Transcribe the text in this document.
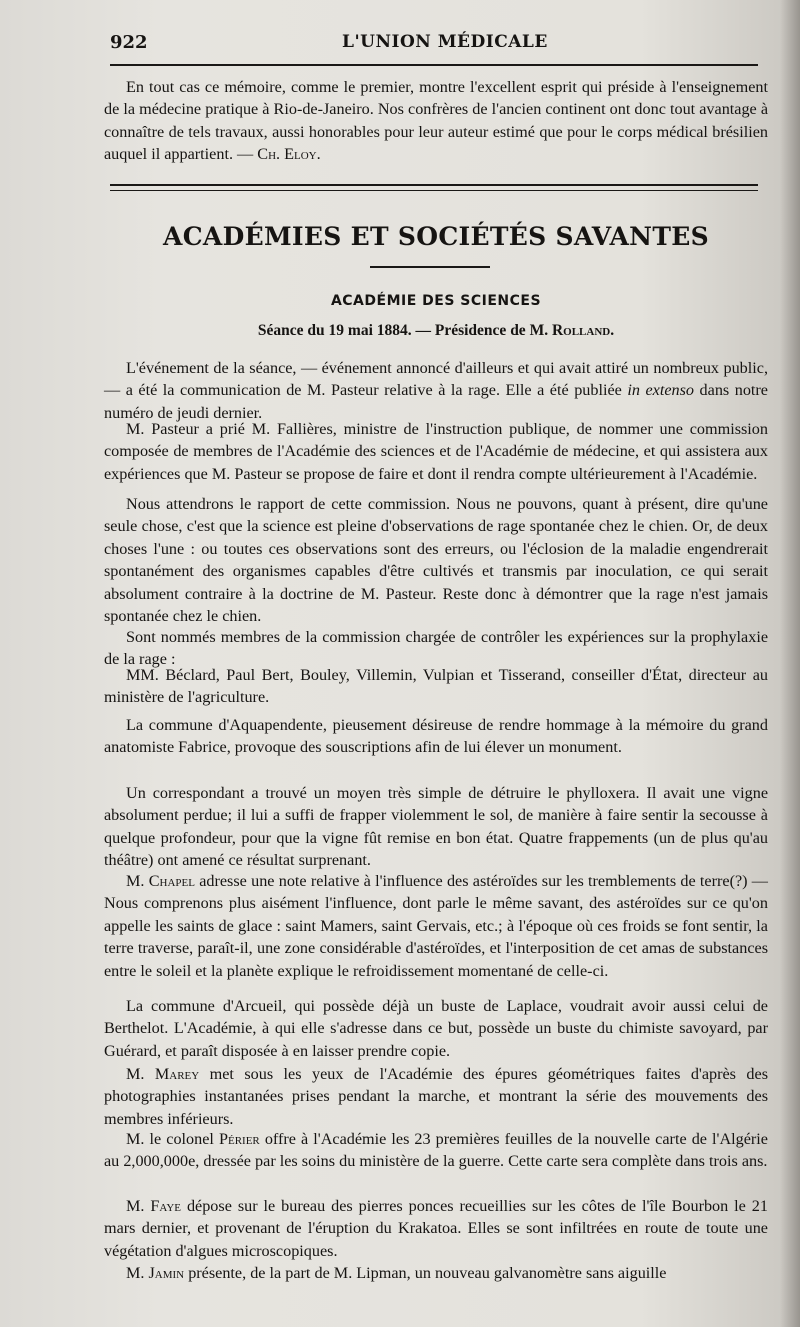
922	L'UNION MÉDICALE

En tout cas ce mémoire, comme le premier, montre l'excellent esprit qui préside à l'enseignement de la médecine pratique à Rio-de-Janeiro. Nos confrères de l'ancien continent ont donc tout avantage à connaître de tels travaux, aussi honorables pour leur auteur estimé que pour le corps médical brésilien auquel il appartient. — Ch. Eloy.

ACADÉMIES ET SOCIÉTÉS SAVANTES
ACADÉMIE DES SCIENCES
Séance du 19 mai 1884. — Présidence de M. Rolland.

L'événement de la séance, — événement annoncé d'ailleurs et qui avait attiré un nombreux public, — a été la communication de M. Pasteur relative à la rage. Elle a été publiée in extenso dans notre numéro de jeudi dernier.

M. Pasteur a prié M. Fallières, ministre de l'instruction publique, de nommer une commission composée de membres de l'Académie des sciences et de l'Académie de médecine, et qui assistera aux expériences que M. Pasteur se propose de faire et dont il rendra compte ultérieurement à l'Académie.

Nous attendrons le rapport de cette commission. Nous ne pouvons, quant à présent, dire qu'une seule chose, c'est que la science est pleine d'observations de rage spontanée chez le chien. Or, de deux choses l'une : ou toutes ces observations sont des erreurs, ou l'éclosion de la maladie engendrerait spontanément des organismes capables d'être cultivés et transmis par inoculation, ce qui serait absolument contraire à la doctrine de M. Pasteur. Reste donc à démontrer que la rage n'est jamais spontanée chez le chien.

Sont nommés membres de la commission chargée de contrôler les expériences sur la prophylaxie de la rage :

MM. Béclard, Paul Bert, Bouley, Villemin, Vulpian et Tisserand, conseiller d'État, directeur au ministère de l'agriculture.

La commune d'Aquapendente, pieusement désireuse de rendre hommage à la mémoire du grand anatomiste Fabrice, provoque des souscriptions afin de lui élever un monument.

Un correspondant a trouvé un moyen très simple de détruire le phylloxera. Il avait une vigne absolument perdue; il lui a suffi de frapper violemment le sol, de manière à faire sentir la secousse à quelque profondeur, pour que la vigne fût remise en bon état. Quatre frappements (un de plus qu'au théâtre) ont amené ce résultat surprenant.

M. Chapel adresse une note relative à l'influence des astéroïdes sur les tremblements de terre(?) — Nous comprenons plus aisément l'influence, dont parle le même savant, des astéroïdes sur ce qu'on appelle les saints de glace : saint Mamers, saint Gervais, etc.; à l'époque où ces froids se font sentir, la terre traverse, paraît-il, une zone considérable d'astéroïdes, et l'interposition de cet amas de substances entre le soleil et la planète explique le refroidissement momentané de celle-ci.

La commune d'Arcueil, qui possède déjà un buste de Laplace, voudrait avoir aussi celui de Berthelot. L'Académie, à qui elle s'adresse dans ce but, possède un buste du chimiste savoyard, par Guérard, et paraît disposée à en laisser prendre copie.

M. Marey met sous les yeux de l'Académie des épures géométriques faites d'après des photographies instantanées prises pendant la marche, et montrant la série des mouvements des membres inférieurs.

M. le colonel Périer offre à l'Académie les 23 premières feuilles de la nouvelle carte de l'Algérie au 2,000,000e, dressée par les soins du ministère de la guerre. Cette carte sera complète dans trois ans.

M. Faye dépose sur le bureau des pierres ponces recueillies sur les côtes de l'île Bourbon le 21 mars dernier, et provenant de l'éruption du Krakatoa. Elles se sont infiltrées en route de toute une végétation d'algues microscopiques.

M. Jamin présente, de la part de M. Lipman, un nouveau galvanomètre sans aiguille
